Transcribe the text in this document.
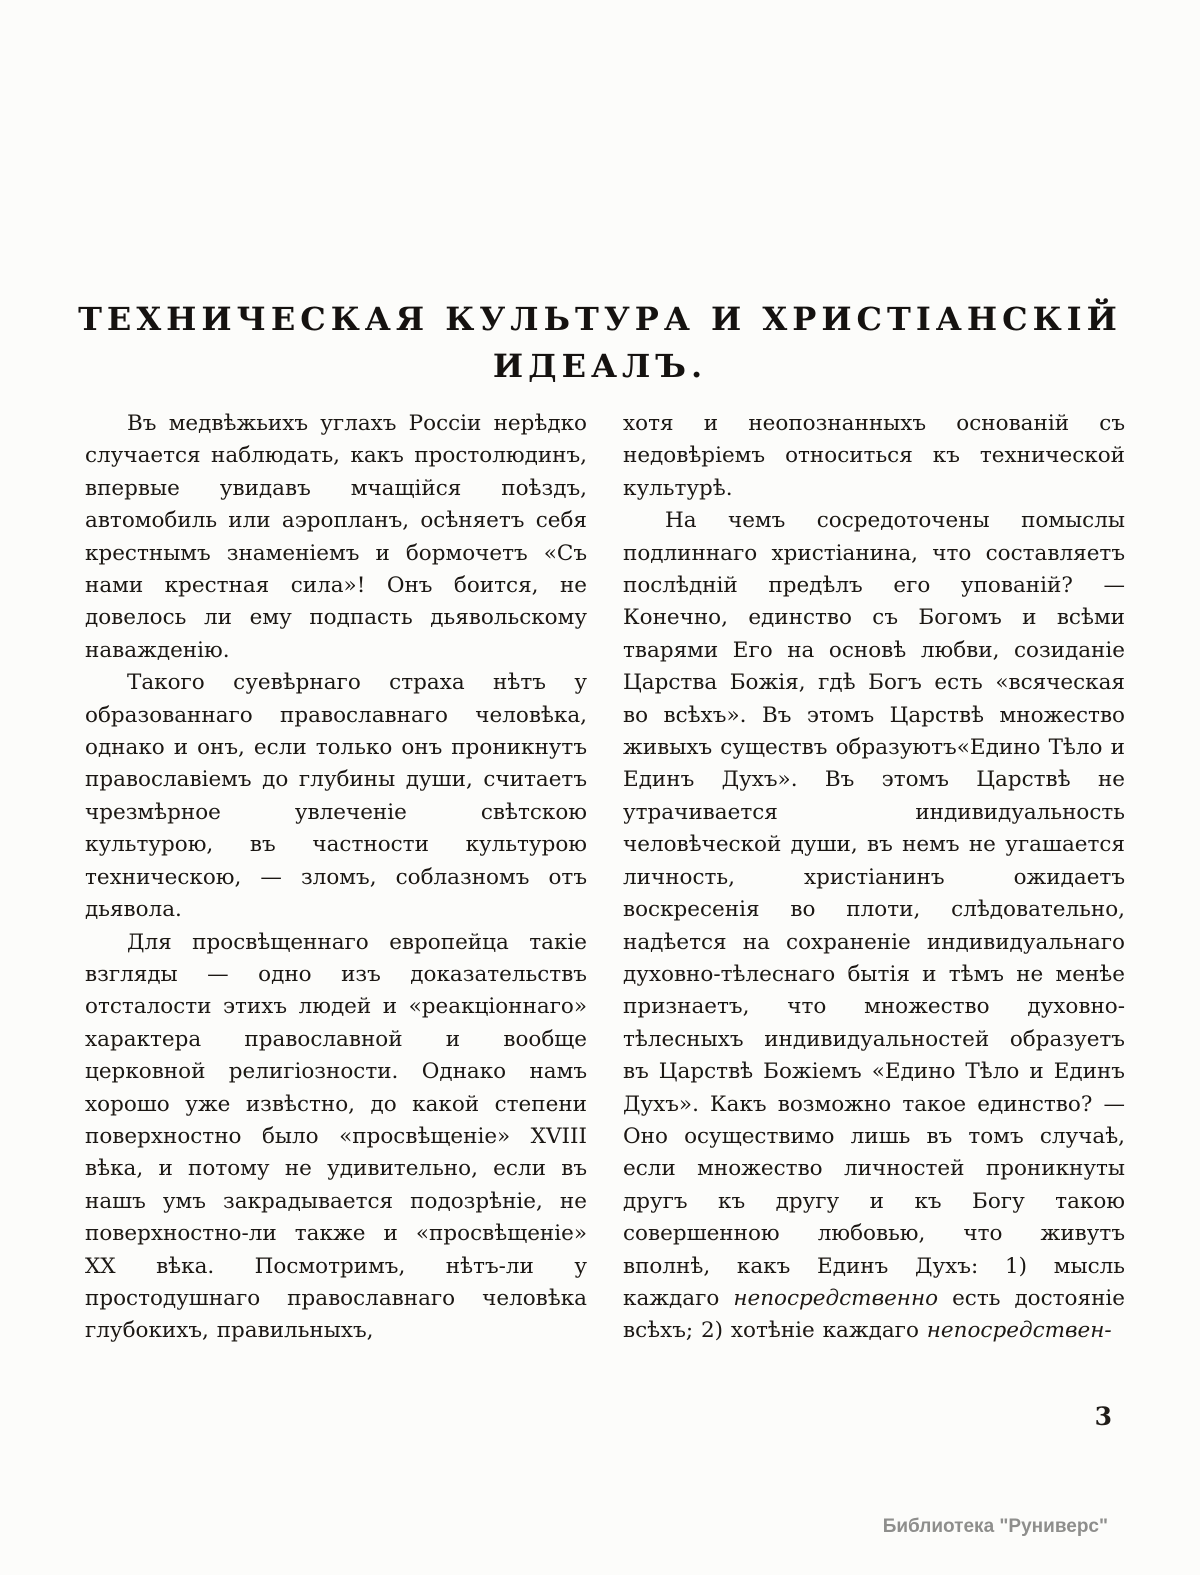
ТЕХНИЧЕСКАЯ КУЛЬТУРА И ХРИСТІАНСКІЙ
ИДЕАЛЪ.

Въ медвѣжьихъ углахъ Россіи нерѣдко случается наблюдать, какъ простолюдинъ, впервые увидавъ мчащійся поѣздъ, автомобиль или аэропланъ, осѣняетъ себя крестнымъ знаменіемъ и бормочетъ «Съ нами крестная сила»! Онъ боится, не довелось ли ему подпасть дьявольскому наважденію.

Такого суевѣрнаго страха нѣтъ у образованнаго православнаго человѣка, однако и онъ, если только онъ проникнутъ православіемъ до глубины души, считаетъ чрезмѣрное увлеченіе свѣтскою культурою, въ частности культурою техническою, — зломъ, соблазномъ отъ дьявола.

Для просвѣщеннаго европейца такіе взгляды — одно изъ доказательствъ отсталости этихъ людей и «реакціоннаго» характера православной и вообще церковной религіозности. Однако намъ хорошо уже извѣстно, до какой степени поверхностно было «просвѣщеніе» XVIII вѣка, и потому не удивительно, если въ нашъ умъ закрадывается подозрѣніе, не поверхностно-ли также и «просвѣщеніе» XX вѣка. Посмотримъ, нѣтъ-ли у простодушнаго православнаго человѣка глубокихъ, правильныхъ,

хотя и неопознанныхъ основаній съ недовѣріемъ относиться къ технической культурѣ.

На чемъ сосредоточены помыслы подлиннаго христіанина, что составляетъ послѣдній предѣлъ его упованій? — Конечно, единство съ Богомъ и всѣми тварями Его на основѣ любви, созиданіе Царства Божія, гдѣ Богъ есть «всяческая во всѣхъ». Въ этомъ Царствѣ множество живыхъ существъ образуютъ«Едино Тѣло и Единъ Духъ». Въ этомъ Царствѣ не утрачивается индивидуальность человѣческой души, въ немъ не угашается личность, христіанинъ ожидаетъ воскресенія во плоти, слѣдовательно, надѣется на сохраненіе индивидуальнаго духовно-тѣлеснаго бытія и тѣмъ не менѣе признаетъ, что множество духовно-тѣлесныхъ индивидуальностей образуетъ въ Царствѣ Божіемъ «Едино Тѣло и Единъ Духъ». Какъ возможно такое единство? — Оно осуществимо лишь въ томъ случаѣ, если множество личностей проникнуты другъ къ другу и къ Богу такою совершенною любовью, что живутъ вполнѣ, какъ Единъ Духъ: 1) мысль каждаго непосредственно есть достояніе всѣхъ; 2) хотѣніе каждаго непосредствен-

3
Библиотека "Руниверс"
